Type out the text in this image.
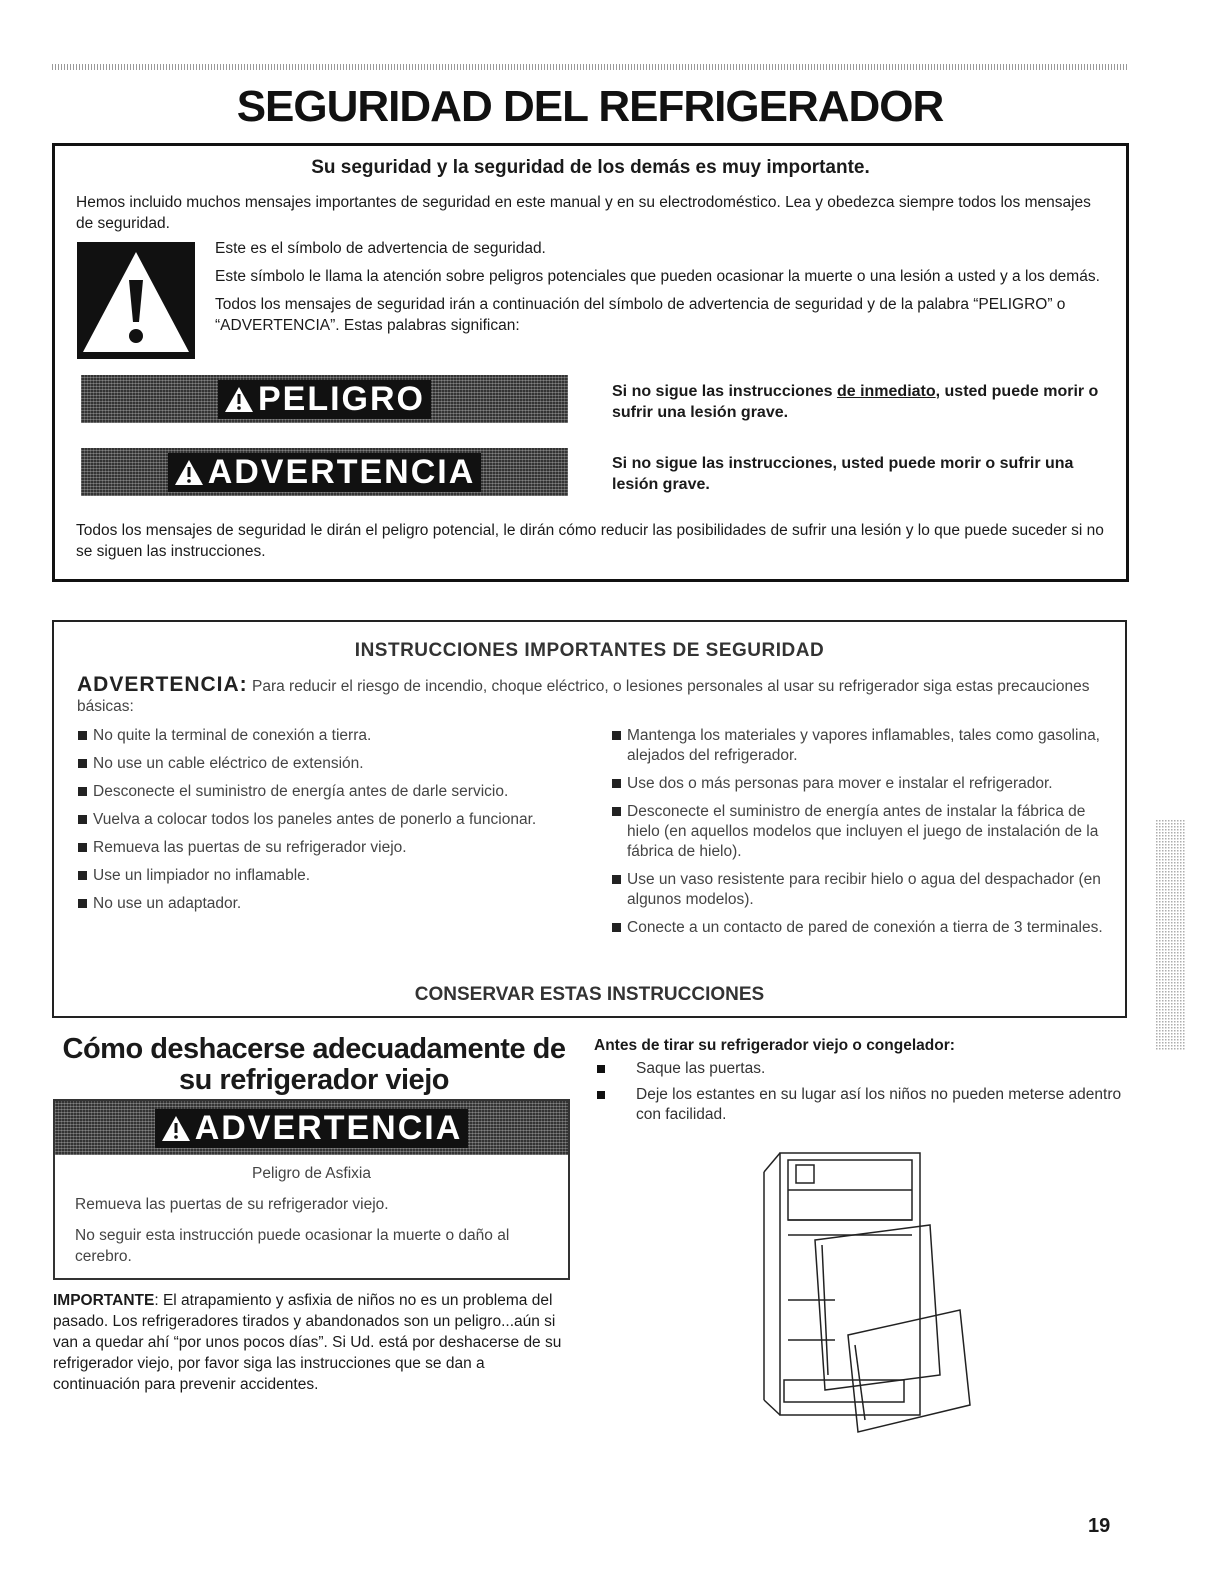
SEGURIDAD DEL REFRIGERADOR

Su seguridad y la seguridad de los demás es muy importante.

Hemos incluido muchos mensajes importantes de seguridad en este manual y en su electrodoméstico. Lea y obedezca siempre todos los mensajes de seguridad.

Este es el símbolo de advertencia de seguridad.

Este símbolo le llama la atención sobre peligros potenciales que pueden ocasionar la muerte o una lesión a usted y a los demás.

Todos los mensajes de seguridad irán a continuación del símbolo de advertencia de seguridad y de la palabra “PELIGRO” o “ADVERTENCIA”. Estas palabras significan:

PELIGRO	Si no sigue las instrucciones de inmediato, usted puede morir o sufrir una lesión grave.

ADVERTENCIA	Si no sigue las instrucciones, usted puede morir o sufrir una lesión grave.

Todos los mensajes de seguridad le dirán el peligro potencial, le dirán cómo reducir las posibilidades de sufrir una lesión y lo que puede suceder si no se siguen las instrucciones.

INSTRUCCIONES IMPORTANTES DE SEGURIDAD

ADVERTENCIA: Para reducir el riesgo de incendio, choque eléctrico, o lesiones personales al usar su refrigerador siga estas precauciones básicas:

No quite la terminal de conexión a tierra.
No use un cable eléctrico de extensión.
Desconecte el suministro de energía antes de darle servicio.
Vuelva a colocar todos los paneles antes de ponerlo a funcionar.
Remueva las puertas de su refrigerador viejo.
Use un limpiador no inflamable.
No use un adaptador.
Mantenga los materiales y vapores inflamables, tales como gasolina, alejados del refrigerador.
Use dos o más personas para mover e instalar el refrigerador.
Desconecte el suministro de energía antes de instalar la fábrica de hielo (en aquellos modelos que incluyen el juego de instalación de la fábrica de hielo).
Use un vaso resistente para recibir hielo o agua del despachador (en algunos modelos).
Conecte a un contacto de pared de conexión a tierra de 3 terminales.

CONSERVAR ESTAS INSTRUCCIONES

Cómo deshacerse adecuadamente de
su refrigerador viejo
ADVERTENCIA

Peligro de Asfixia

Remueva las puertas de su refrigerador viejo.

No seguir esta instrucción puede ocasionar la muerte o daño al cerebro.

IMPORTANTE: El atrapamiento y asfixia de niños no es un problema del pasado. Los refrigeradores tirados y abandonados son un peligro...aún si van a quedar ahí “por unos pocos días”. Si Ud. está por deshacerse de su refrigerador viejo, por favor siga las instrucciones que se dan a continuación para prevenir accidentes.

Antes de tirar su refrigerador viejo o congelador:

Saque las puertas.
Deje los estantes en su lugar así los niños no pueden meterse adentro con facilidad.

19
